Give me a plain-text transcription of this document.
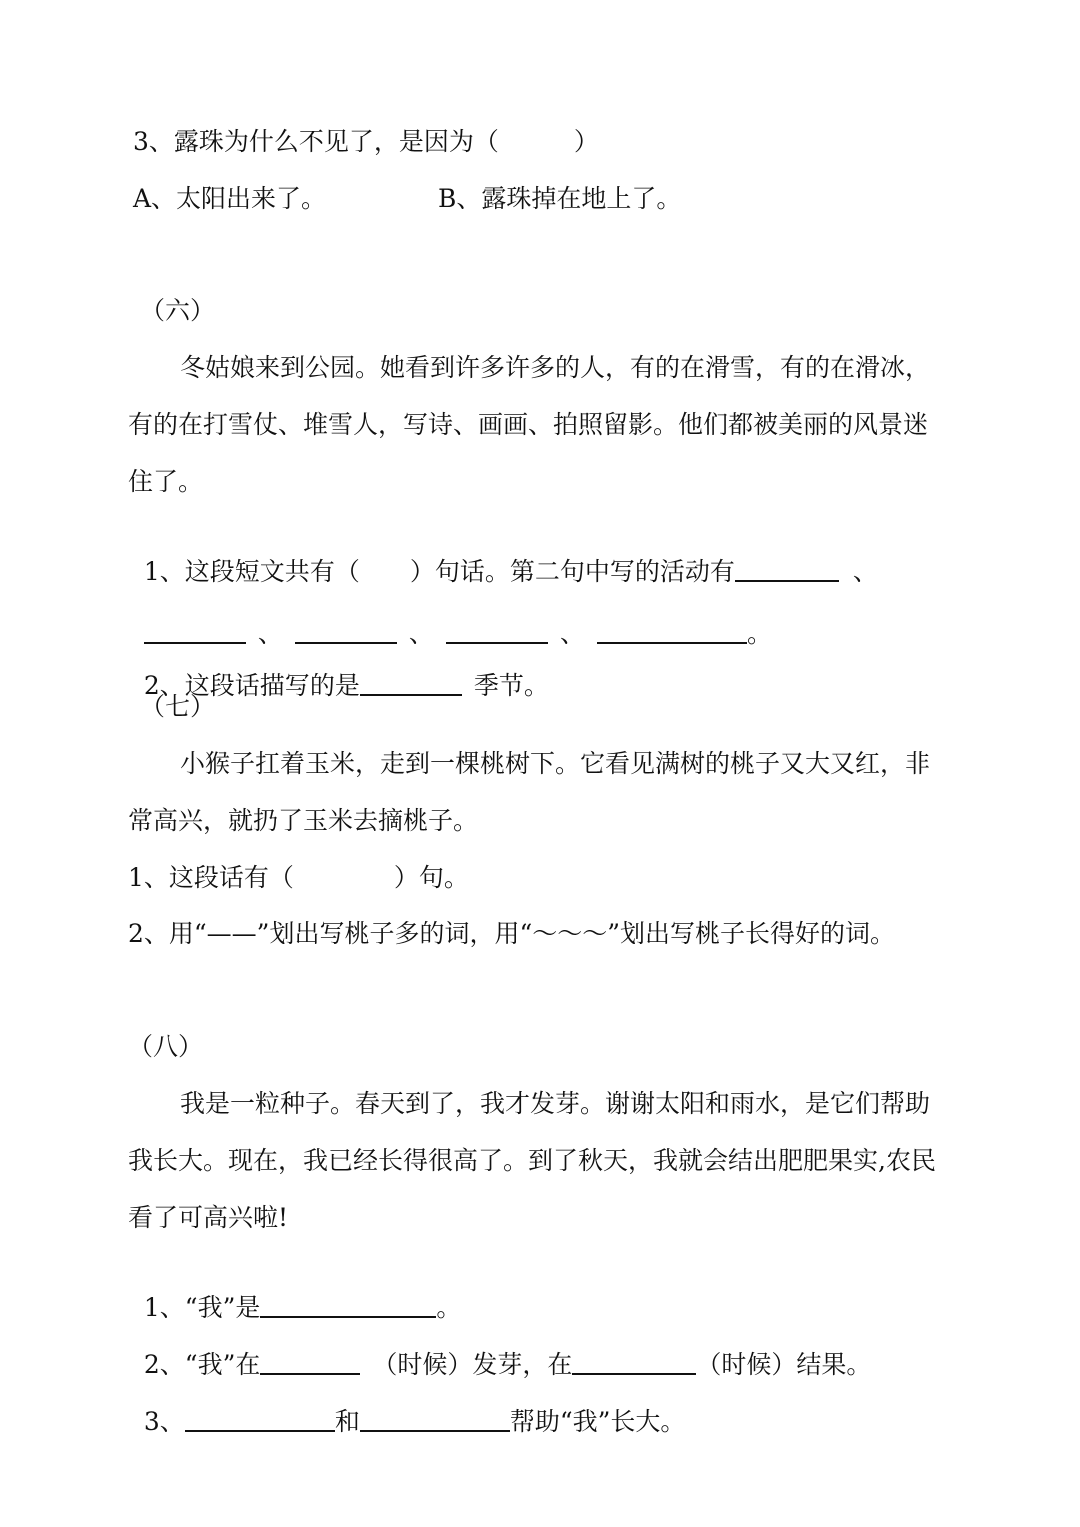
3、露珠为什么不见了，是因为（　　　）
A、太阳出来了。	B、露珠掉在地上了。
（六）
冬姑娘来到公园。她看到许多许多的人，有的在滑雪，有的在滑冰，
有的在打雪仗、堆雪人，写诗、画画、拍照留影。他们都被美丽的风景迷
住了。

1、这段短文共有（　　）句话。第二句中写的活动有	、

、	、	、	。

2、这段话描写的是	季节。

（七）
小猴子扛着玉米，走到一棵桃树下。它看见满树的桃子又大又红，非
常高兴，就扔了玉米去摘桃子。
1、这段话有（　　　　）句。
2、用“——”划出写桃子多的词，用“～～～”划出写桃子长得好的词。
（八）
我是一粒种子。春天到了，我才发芽。谢谢太阳和雨水，是它们帮助
我长大。现在，我已经长得很高了。到了秋天，我就会结出肥肥果实,农民
看了可高兴啦!

1、“我”是	。

2、“我”在	（时候）发芽，在	（时候）结果。

3、	和	帮助“我”长大。
